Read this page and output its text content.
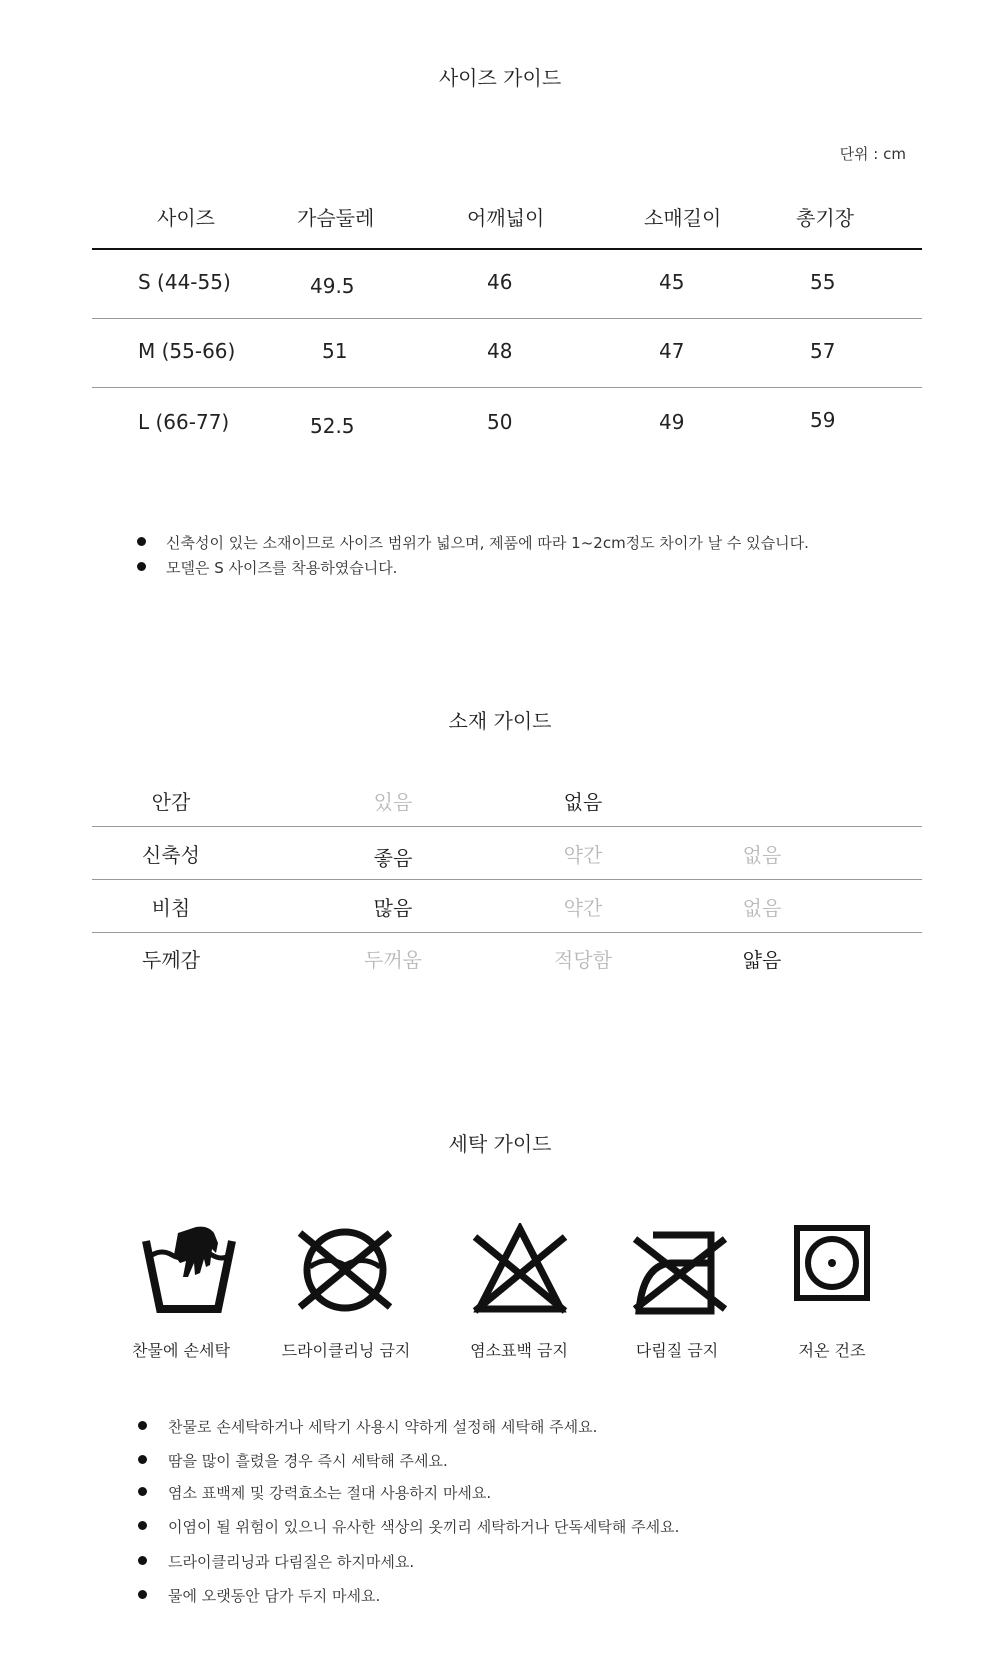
사이즈 가이드
단위 : cm
사이즈	가슴둘레	어깨넓이	소매길이	총기장
S (44-55)	49.5	46	45	55
M (55-66)	51	48	47	57
L (66-77)	52.5	50	49	59
신축성이 있는 소재이므로 사이즈 범위가 넓으며, 제품에 따라 1~2cm정도 차이가 날 수 있습니다.
모델은 S 사이즈를 착용하였습니다.
소재 가이드
안감	있음	없음
신축성	좋음	약간	없음
비침	많음	약간	없음
두께감	두꺼움	적당함	얇음
세탁 가이드
찬물에 손세탁	드라이클리닝 금지	염소표백 금지	다림질 금지	저온 건조
찬물로 손세탁하거나 세탁기 사용시 약하게 설정해 세탁해 주세요.
땀을 많이 흘렸을 경우 즉시 세탁해 주세요.
염소 표백제 및 강력효소는 절대 사용하지 마세요.
이염이 될 위험이 있으니 유사한 색상의 옷끼리 세탁하거나 단독세탁해 주세요.
드라이클리닝과 다림질은 하지마세요.
물에 오랫동안 담가 두지 마세요.
